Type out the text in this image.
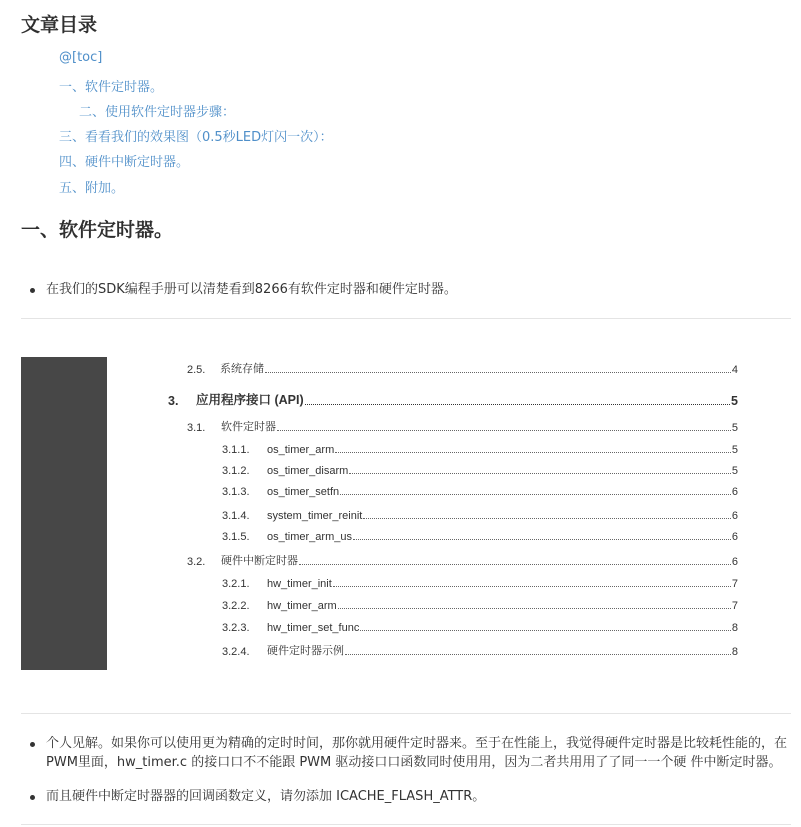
文章目录
@[toc]
一、软件定时器。
二、使用软件定时器步骤：
三、看看我们的效果图（0.5秒LED灯闪一次）：
四、硬件中断定时器。
五、附加。
一、软件定时器。
在我们的SDK编程手册可以清楚看到8266有软件定时器和硬件定时器。
2.5.	系统存储	4
3.	应用程序接口 (API)	5
3.1.	软件定时器	5
3.1.1.	os_timer_arm	5
3.1.2.	os_timer_disarm	5
3.1.3.	os_timer_setfn	6
3.1.4.	system_timer_reinit	6
3.1.5.	os_timer_arm_us	6
3.2.	硬件中断定时器	6
3.2.1.	hw_timer_init	7
3.2.2.	hw_timer_arm	7
3.2.3.	hw_timer_set_func	8
3.2.4.	硬件定时器示例	8
个人见解。如果你可以使用更为精确的定时时间，那你就用硬件定时器来。至于在性能上，我觉得硬件定时器是比较耗性能的，在
PWM里面，hw_timer.c 的接口口不不能跟 PWM 驱动接口口函数同时使用用，因为二者共用用了了同一一个硬 件中断定时器。
而且硬件中断定时器器的回调函数定义，请勿添加 ICACHE_FLASH_ATTR。
